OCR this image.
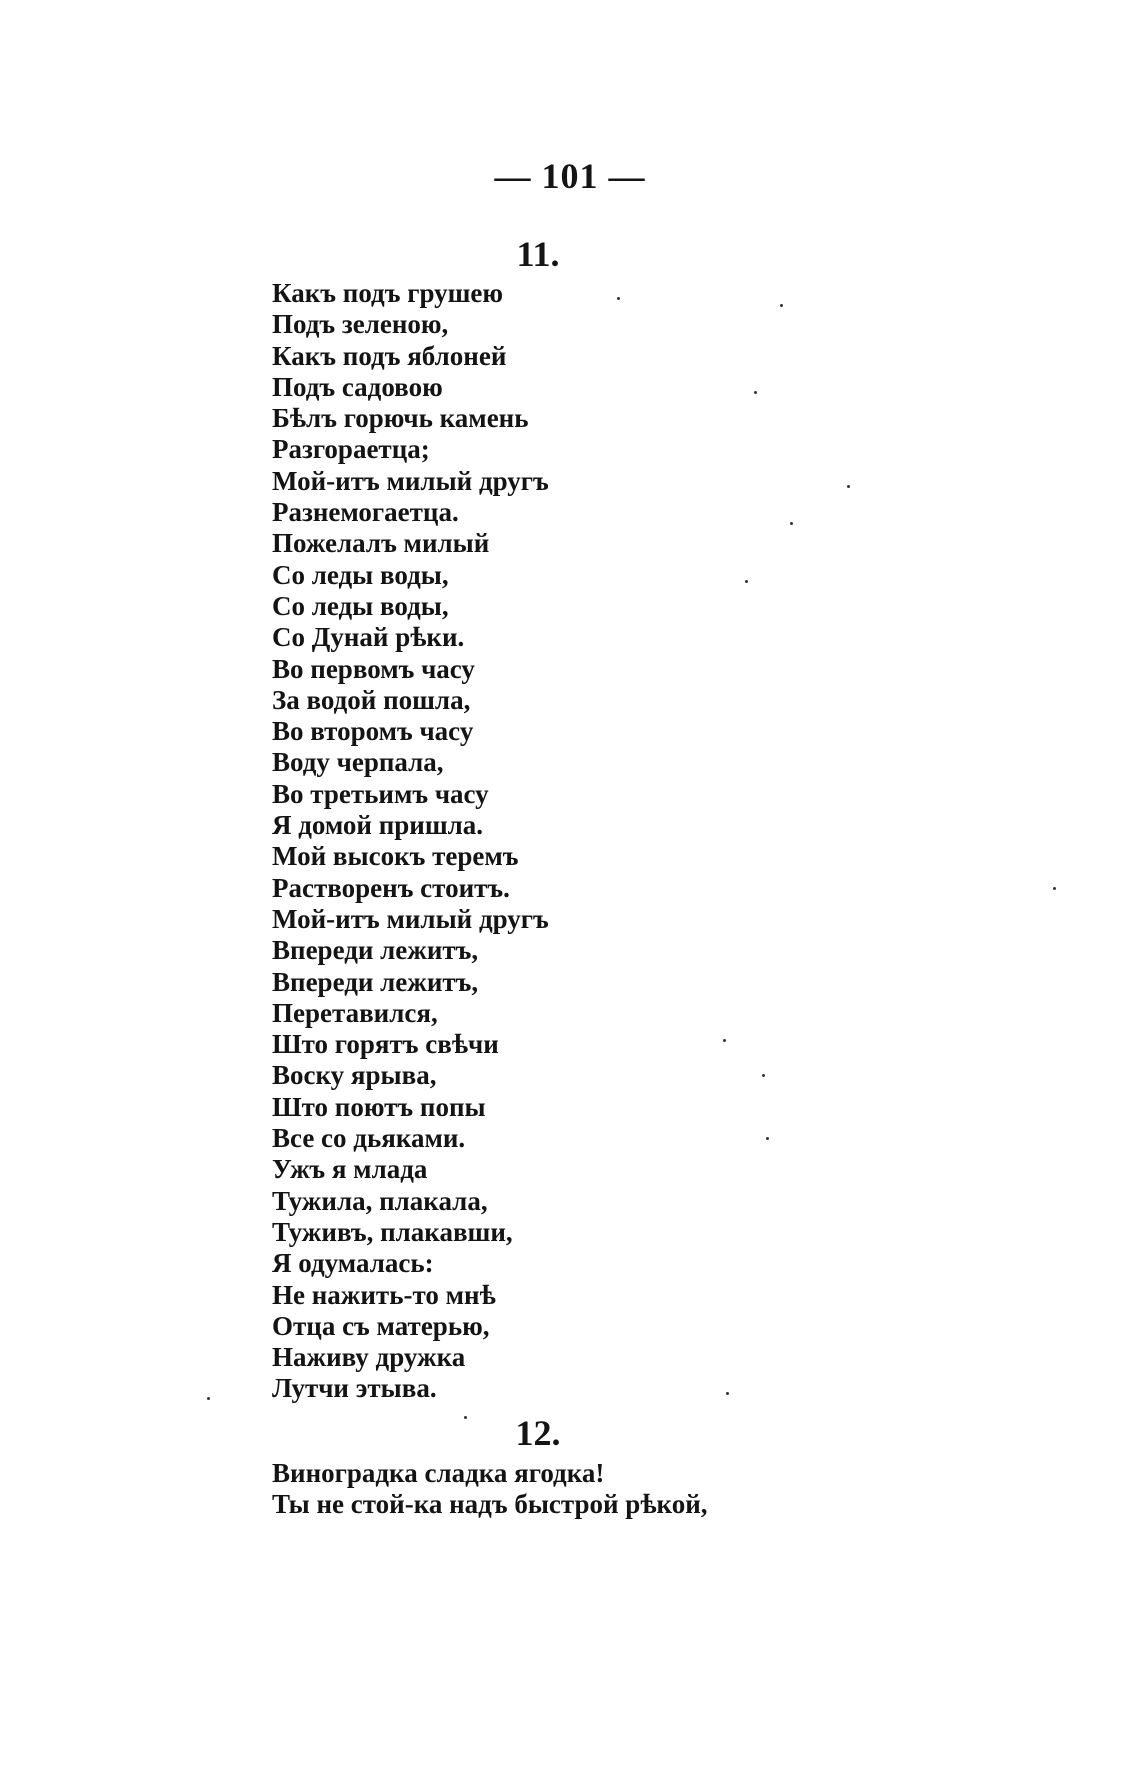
— 101 —
11.
Какъ подъ грушею
Подъ зеленою,
Какъ подъ яблоней
Подъ садовою
Бѣлъ горючь камень
Разгораетца;
Мой-итъ милый другъ
Разнемогаетца.
Пожелалъ милый
Со леды воды,
Со леды воды,
Со Дунай рѣки.
Во первомъ часу
За водой пошла,
Во второмъ часу
Воду черпала,
Во третьимъ часу
Я домой пришла.
Мой высокъ теремъ
Растворенъ стоитъ.
Мой-итъ милый другъ
Впереди лежитъ,
Впереди лежитъ,
Перетавился,
Што горятъ свѣчи
Воску ярыва,
Што поютъ попы
Все со дьяками.
Ужъ я млада
Тужила, плакала,
Туживъ, плакавши,
Я одумалась:
Не нажить-то мнѣ
Отца съ матерью,
Наживу дружка
Лутчи этыва.
12.
Виноградка сладка ягодка!
Ты не стой-ка надъ быстрой рѣкой,
